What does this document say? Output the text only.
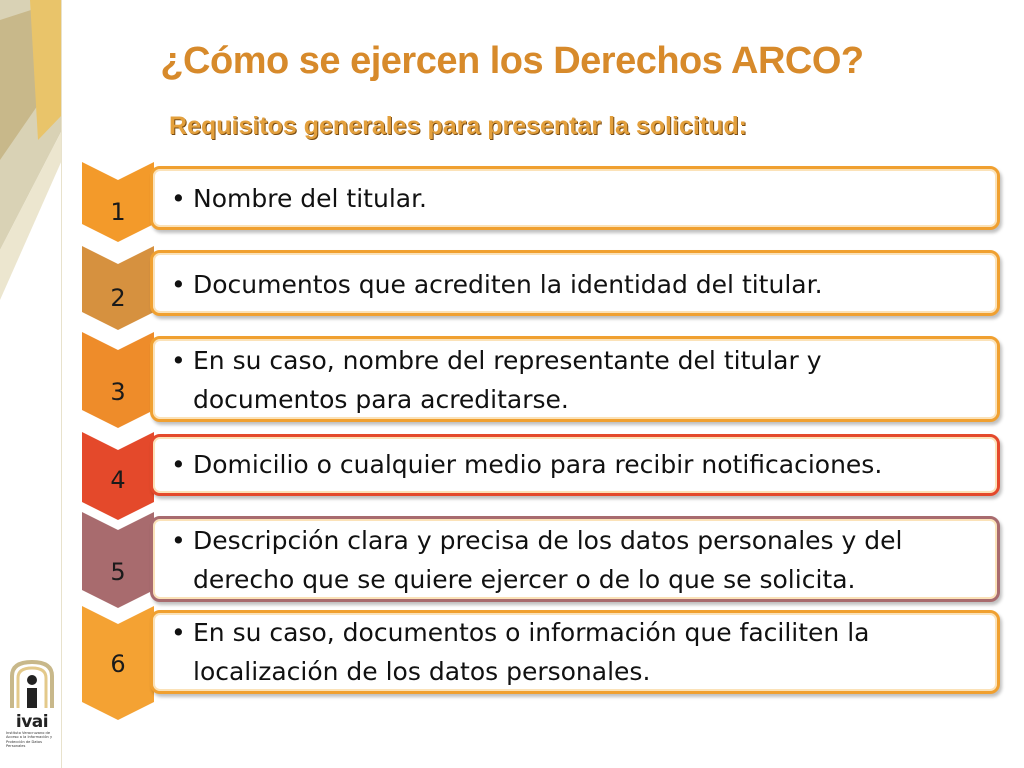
¿Cómo se ejercen los Derechos ARCO?
Requisitos generales para presentar la solicitud:
1	• Nombre del titular.

2	• Documentos que acrediten la identidad del titular.

3

• En su caso, nombre del representante del titular y documentos para acreditarse.

4

• Domicilio o cualquier medio para recibir notificaciones.

5

• Descripción clara y precisa de los datos personales y del derecho que se quiere ejercer o de lo que se solicita.

6

• En su caso, documentos o información que faciliten la localización de los datos personales.

ivai
Instituto Veracruzano de Acceso a la Información y Protección de Datos Personales
